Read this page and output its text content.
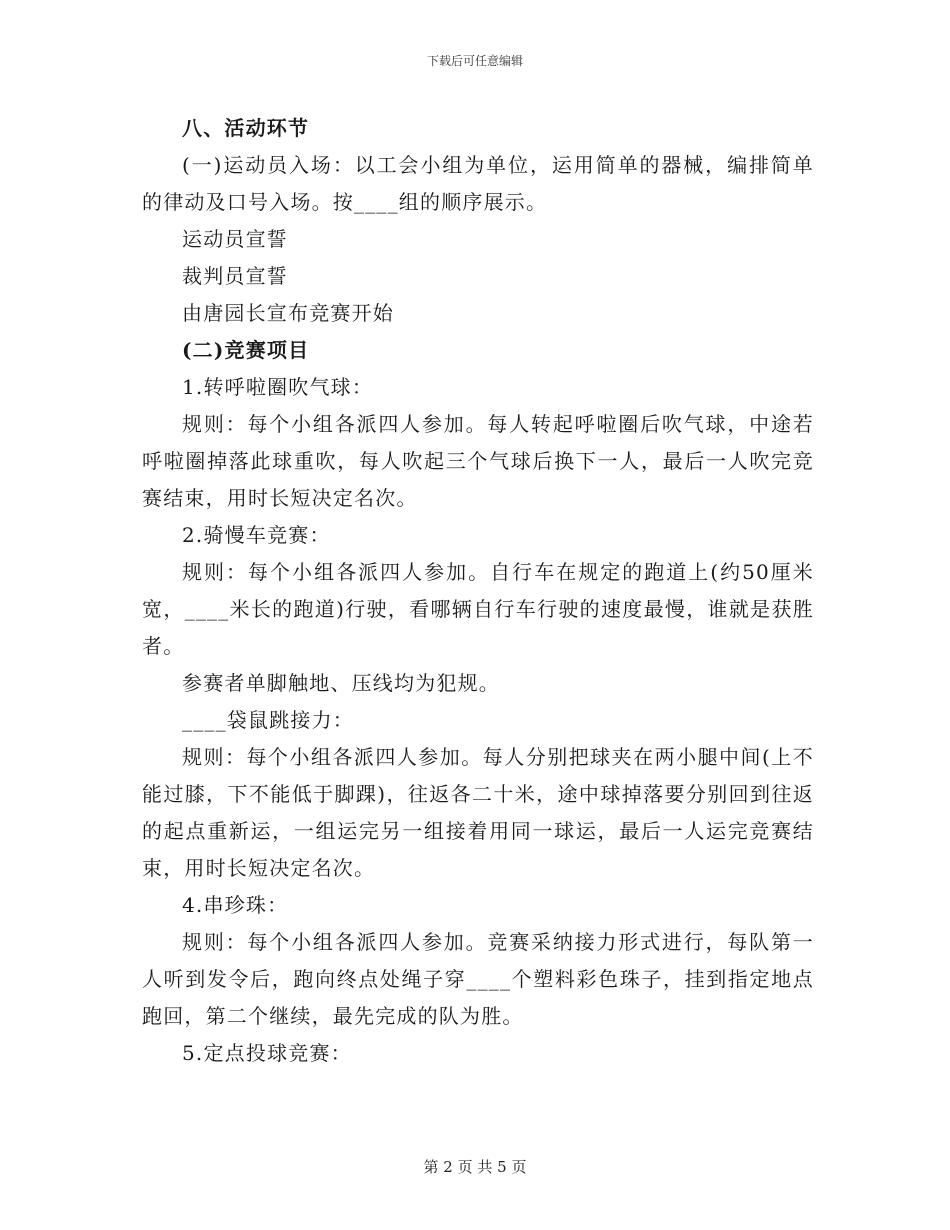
下载后可任意编辑

八、活动环节

(一)运动员入场：以工会小组为单位，运用简单的器械，编排简单的律动及口号入场。按____组的顺序展示。

运动员宣誓

裁判员宣誓

由唐园长宣布竞赛开始

(二)竞赛项目

1.转呼啦圈吹气球：

规则：每个小组各派四人参加。每人转起呼啦圈后吹气球，中途若呼啦圈掉落此球重吹，每人吹起三个气球后换下一人，最后一人吹完竞赛结束，用时长短决定名次。

2.骑慢车竞赛：

规则：每个小组各派四人参加。自行车在规定的跑道上(约50厘米宽，____米长的跑道)行驶，看哪辆自行车行驶的速度最慢，谁就是获胜者。

参赛者单脚触地、压线均为犯规。

____袋鼠跳接力：

规则：每个小组各派四人参加。每人分别把球夹在两小腿中间(上不能过膝，下不能低于脚踝)，往返各二十米，途中球掉落要分别回到往返的起点重新运，一组运完另一组接着用同一球运，最后一人运完竞赛结束，用时长短决定名次。

4.串珍珠：

规则：每个小组各派四人参加。竞赛采纳接力形式进行，每队第一人听到发令后，跑向终点处绳子穿____个塑料彩色珠子，挂到指定地点跑回，第二个继续，最先完成的队为胜。

5.定点投球竞赛：

第 2 页 共 5 页
